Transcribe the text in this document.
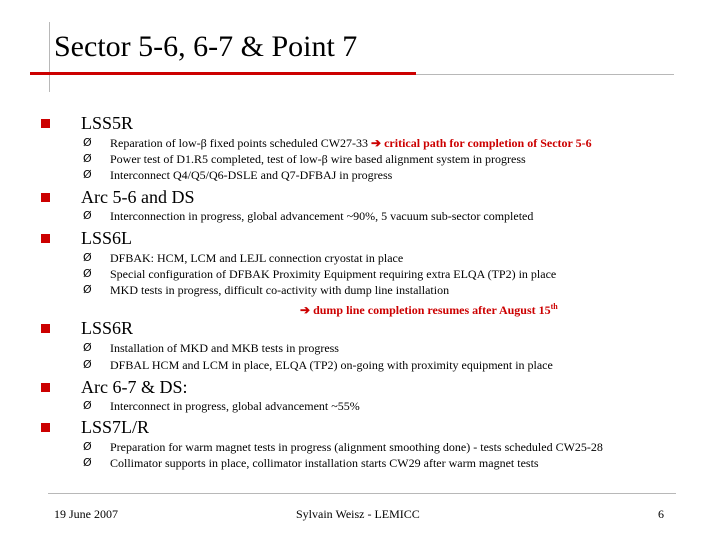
Sector 5-6, 6-7 & Point 7
LSS5R
Ø Reparation of low-β fixed points scheduled CW27-33 ➔ critical path for completion of Sector 5-6
Ø Power test of D1.R5 completed, test of low-β wire based alignment system in progress
Ø Interconnect Q4/Q5/Q6-DSLE and Q7-DFBAJ in progress
Arc 5-6 and DS
Ø Interconnection in progress, global advancement ~90%, 5 vacuum sub-sector completed
LSS6L
Ø DFBAK: HCM, LCM and LEJL connection cryostat in place
Ø Special configuration of DFBAK Proximity Equipment requiring extra ELQA (TP2) in place
Ø MKD tests in progress, difficult co-activity with dump line installation
➔ dump line completion resumes after August 15th
LSS6R
Ø Installation of MKD and MKB tests in progress
Ø DFBAL HCM and LCM in place, ELQA (TP2) on-going with proximity equipment in place
Arc 6-7 & DS:
Ø Interconnect in progress, global advancement ~55%
LSS7L/R
Ø Preparation for warm magnet tests in progress (alignment smoothing done) - tests scheduled CW25-28
Ø Collimator supports in place, collimator installation starts CW29 after warm magnet tests
19 June 2007	Sylvain Weisz - LEMICC	6
